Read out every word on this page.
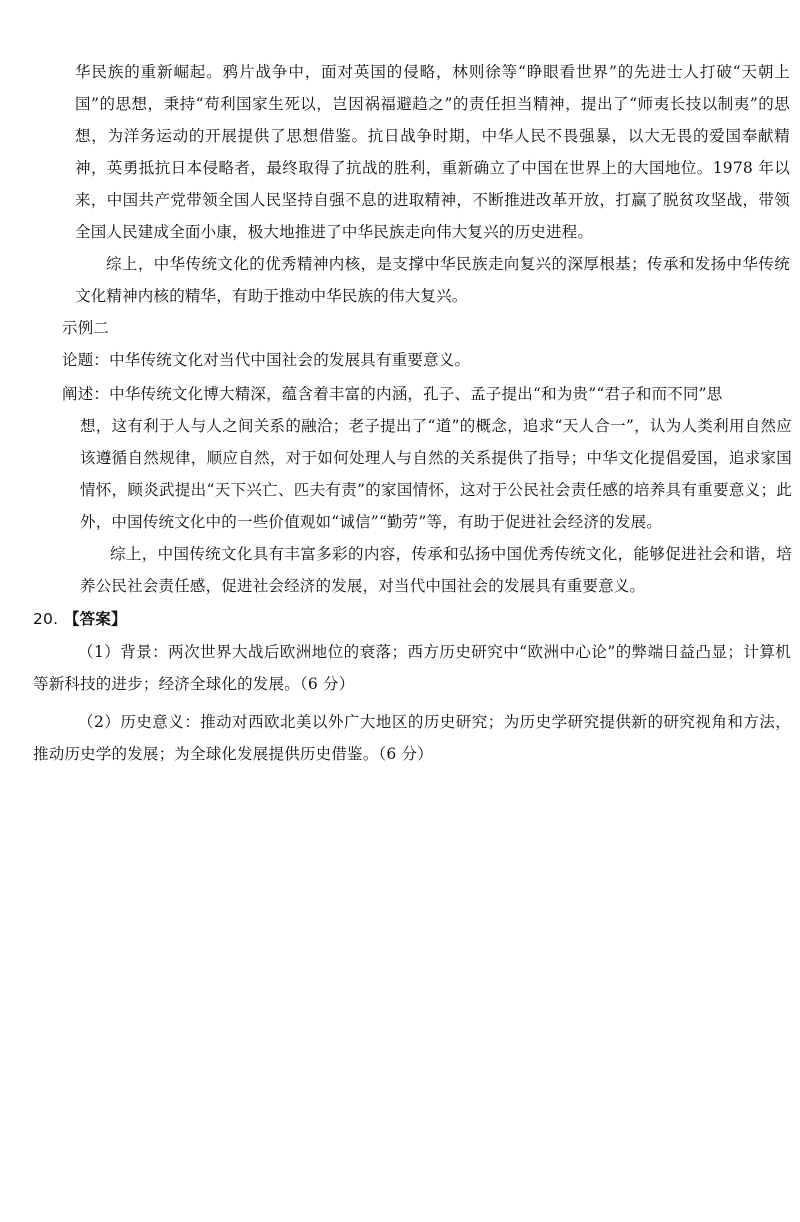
华民族的重新崛起。鸦片战争中，面对英国的侵略，林则徐等“睁眼看世界”的先进士人打破“天朝上国”的思想，秉持“苟利国家生死以，岂因祸福避趋之”的责任担当精神，提出了“师夷长技以制夷”的思想，为洋务运动的开展提供了思想借鉴。抗日战争时期，中华人民不畏强暴，以大无畏的爱国奉献精神，英勇抵抗日本侵略者，最终取得了抗战的胜利，重新确立了中国在世界上的大国地位。1978 年以来，中国共产党带领全国人民坚持自强不息的进取精神，不断推进改革开放，打赢了脱贫攻坚战，带领全国人民建成全面小康，极大地推进了中华民族走向伟大复兴的历史进程。
综上，中华传统文化的优秀精神内核，是支撑中华民族走向复兴的深厚根基；传承和发扬中华传统文化精神内核的精华，有助于推动中华民族的伟大复兴。
示例二
论题：中华传统文化对当代中国社会的发展具有重要意义。
阐述：中华传统文化博大精深，蕴含着丰富的内涵，孔子、孟子提出“和为贵”“君子和而不同”思
想，这有利于人与人之间关系的融洽；老子提出了“道”的概念，追求“天人合一”，认为人类利用自然应该遵循自然规律，顺应自然，对于如何处理人与自然的关系提供了指导；中华文化提倡爱国，追求家国情怀，顾炎武提出“天下兴亡、匹夫有责”的家国情怀，这对于公民社会责任感的培养具有重要意义；此外，中国传统文化中的一些价值观如“诚信”“勤劳”等，有助于促进社会经济的发展。
综上，中国传统文化具有丰富多彩的内容，传承和弘扬中国优秀传统文化，能够促进社会和谐，培养公民社会责任感，促进社会经济的发展，对当代中国社会的发展具有重要意义。
20. 【答案】
（1）背景：两次世界大战后欧洲地位的衰落；西方历史研究中“欧洲中心论”的弊端日益凸显；计算机等新科技的进步；经济全球化的发展。（6 分）
（2）历史意义：推动对西欧北美以外广大地区的历史研究；为历史学研究提供新的研究视角和方法，推动历史学的发展；为全球化发展提供历史借鉴。（6 分）
